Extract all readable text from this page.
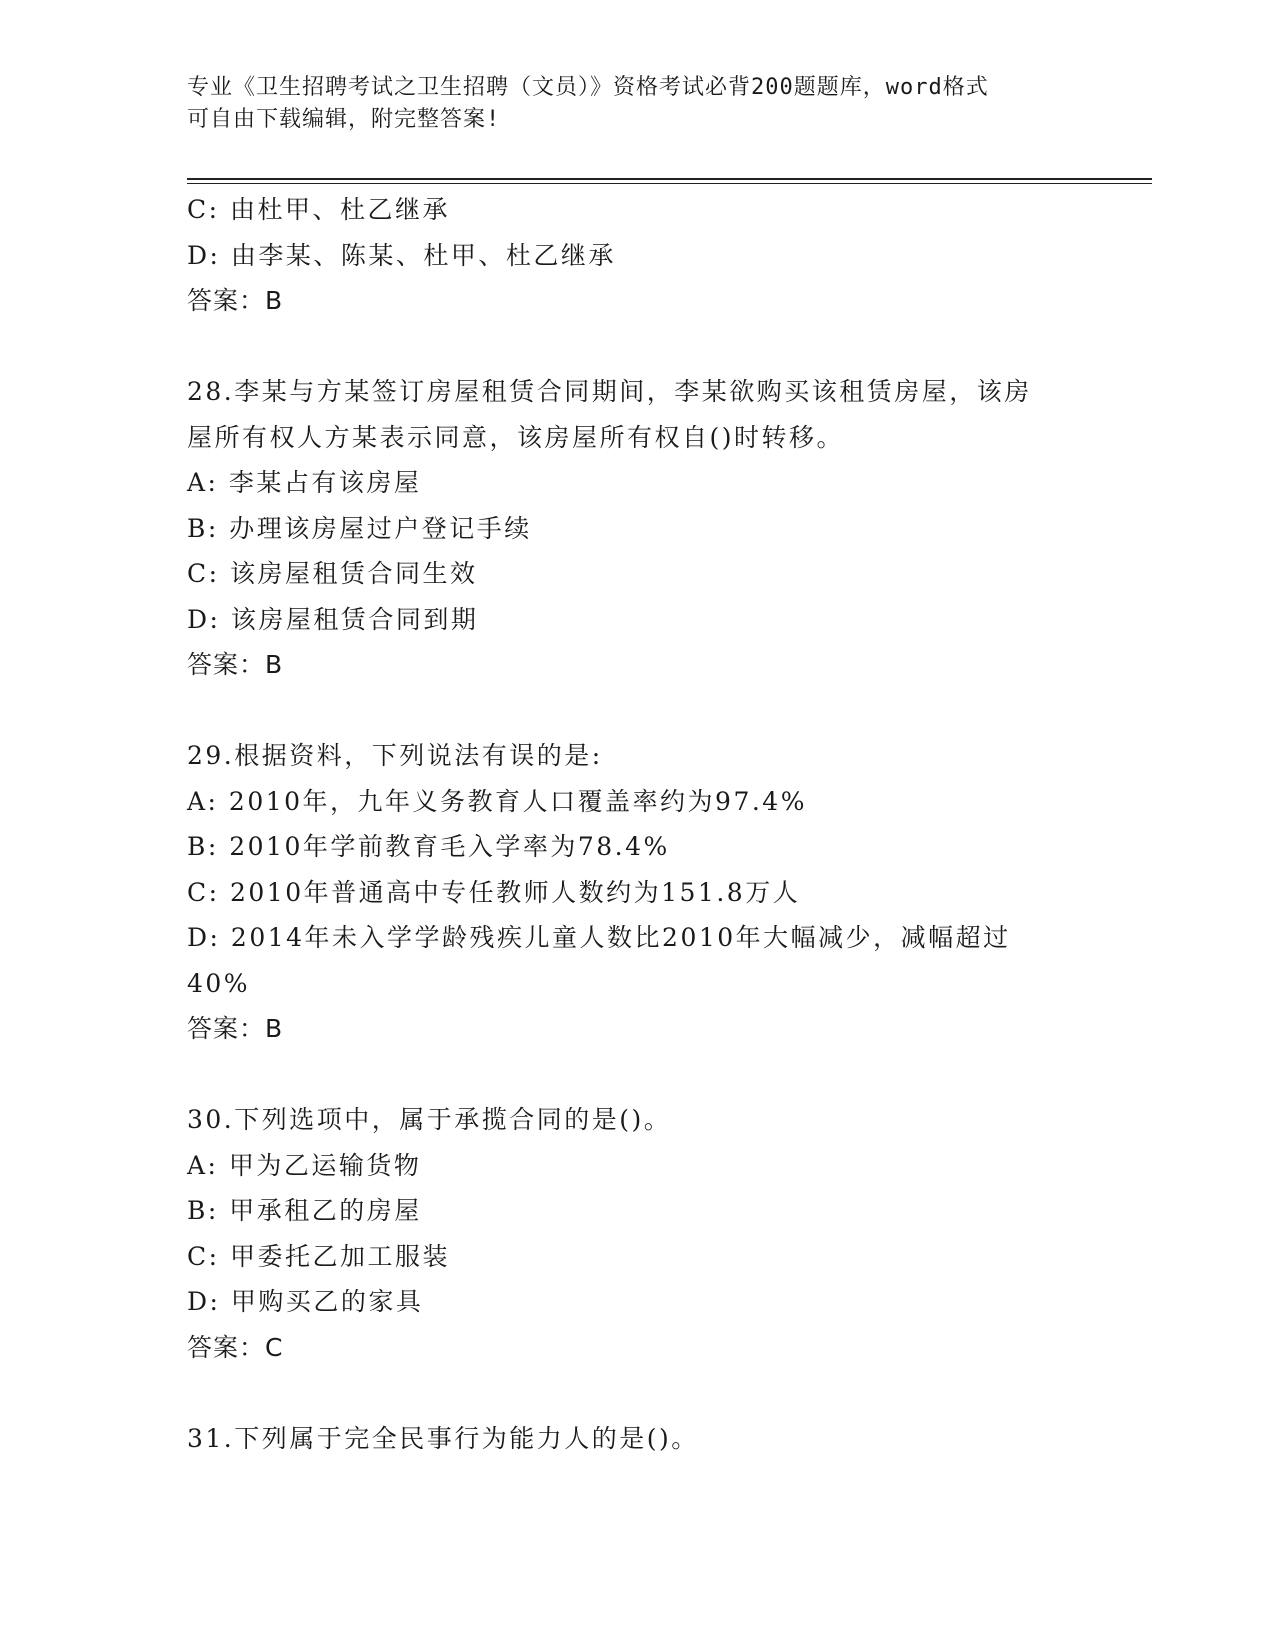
专业《卫生招聘考试之卫生招聘（文员）》资格考试必背200题题库，word格式
可自由下载编辑，附完整答案!
C: 由杜甲、杜乙继承
D: 由李某、陈某、杜甲、杜乙继承
答案：B
28.李某与方某签订房屋租赁合同期间，李某欲购买该租赁房屋，该房
屋所有权人方某表示同意，该房屋所有权自()时转移。
A: 李某占有该房屋
B: 办理该房屋过户登记手续
C: 该房屋租赁合同生效
D: 该房屋租赁合同到期
答案：B
29.根据资料，下列说法有误的是:
A: 2010年，九年义务教育人口覆盖率约为97.4%
B: 2010年学前教育毛入学率为78.4%
C: 2010年普通高中专任教师人数约为151.8万人
D: 2014年未入学学龄残疾儿童人数比2010年大幅减少，减幅超过
40%
答案：B
30.下列选项中，属于承揽合同的是()。
A: 甲为乙运输货物
B: 甲承租乙的房屋
C: 甲委托乙加工服装
D: 甲购买乙的家具
答案：C
31.下列属于完全民事行为能力人的是()。
